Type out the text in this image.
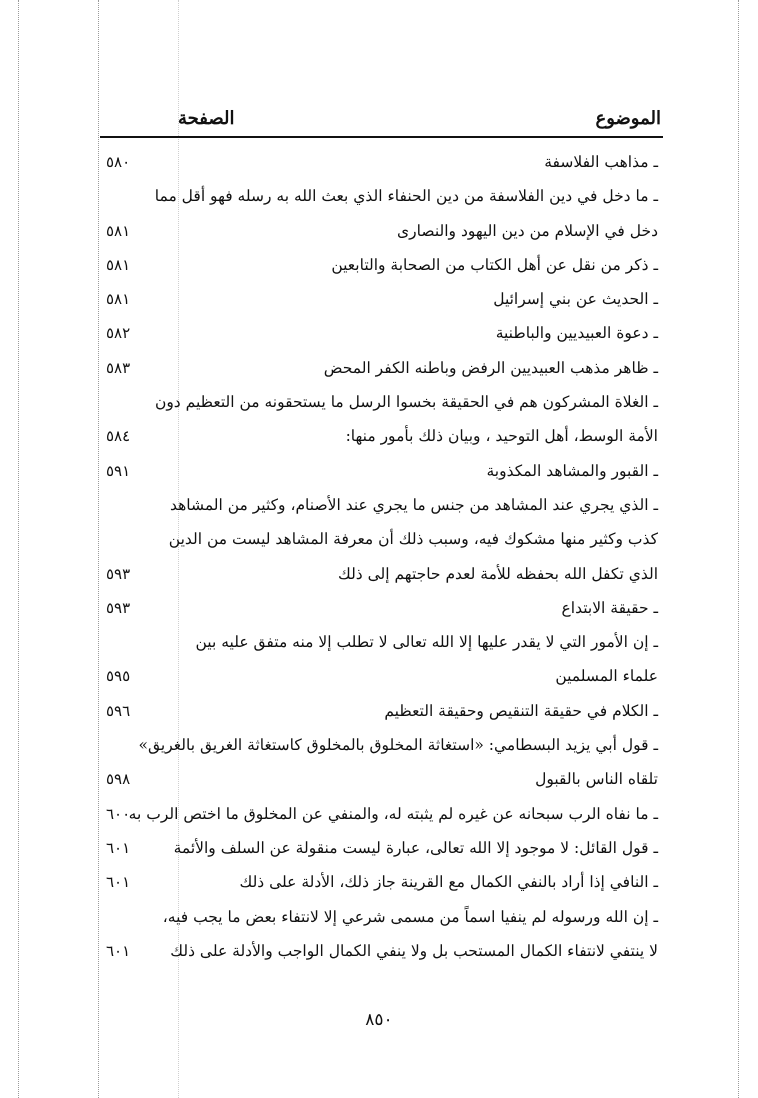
الموضوع
الصفحة
ـ مذاهب الفلاسفة
٥٨٠
ـ ما دخل في دين الفلاسفة من دين الحنفاء الذي بعث الله به رسله فهو أقل مما
دخل في الإسلام من دين اليهود والنصارى
٥٨١
ـ ذكر من نقل عن أهل الكتاب من الصحابة والتابعين
٥٨١
ـ الحديث عن بني إسرائيل
٥٨١
ـ دعوة العبيديين والباطنية
٥٨٢
ـ ظاهر مذهب العبيديين الرفض وباطنه الكفر المحض
٥٨٣
ـ الغلاة المشركون هم في الحقيقة بخسوا الرسل ما يستحقونه من التعظيم دون
الأمة الوسط، أهل التوحيد ، وبيان ذلك بأمور منها:
٥٨٤
ـ القبور والمشاهد المكذوبة
٥٩١
ـ الذي يجري عند المشاهد من جنس ما يجري عند الأصنام، وكثير من المشاهد
كذب وكثير منها مشكوك فيه، وسبب ذلك أن معرفة المشاهد ليست من الدين
الذي تكفل الله بحفظه للأمة لعدم حاجتهم إلى ذلك
٥٩٣
ـ حقيقة الابتداع
٥٩٣
ـ إن الأمور التي لا يقدر عليها إلا الله تعالى لا تطلب إلا منه متفق عليه بين
علماء المسلمين
٥٩٥
ـ الكلام في حقيقة التنقيص وحقيقة التعظيم
٥٩٦
ـ قول أبي يزيد البسطامي: «استغاثة المخلوق بالمخلوق كاستغاثة الغريق بالغريق»
تلقاه الناس بالقبول
٥٩٨
ـ ما نفاه الرب سبحانه عن غيره لم يثبته له، والمنفي عن المخلوق ما اختص الرب به
٦٠٠
ـ قول القائل: لا موجود إلا الله تعالى، عبارة ليست منقولة عن السلف والأئمة
٦٠١
ـ النافي إذا أراد بالنفي الكمال مع القرينة جاز ذلك، الأدلة على ذلك
٦٠١
ـ إن الله ورسوله لم ينفيا اسماً من مسمى شرعي إلا لانتفاء بعض ما يجب فيه،
لا ينتفي لانتفاء الكمال المستحب بل ولا ينفي الكمال الواجب والأدلة على ذلك
٦٠١
٨٥٠
